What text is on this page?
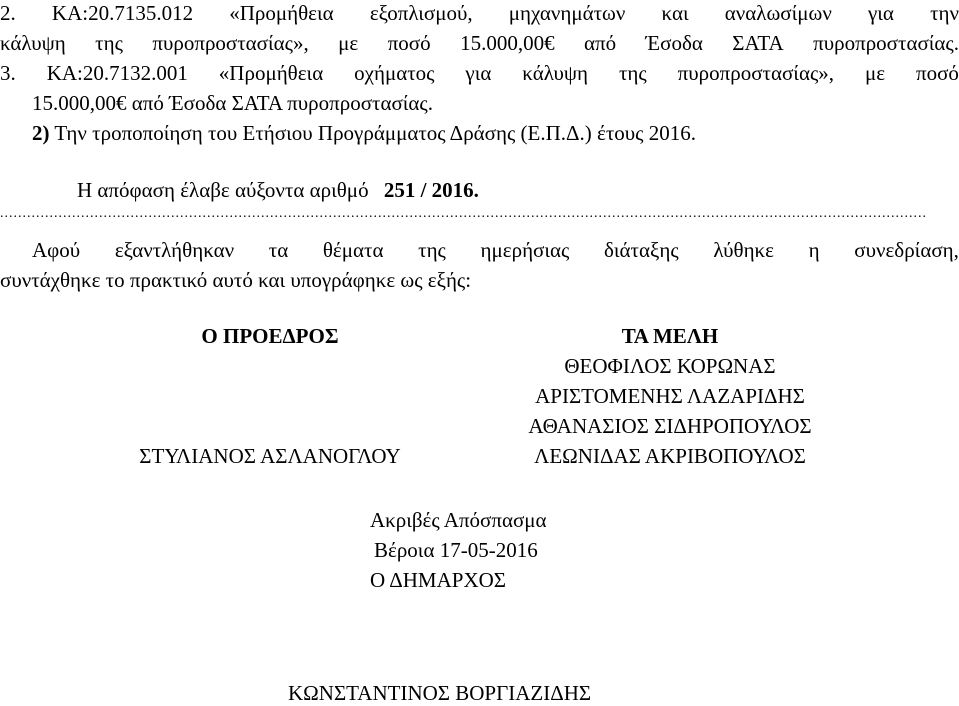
2. ΚΑ:20.7135.012 «Προμήθεια εξοπλισμού, μηχανημάτων και αναλωσίμων για την
κάλυψη της πυροπροστασίας», με ποσό 15.000,00€ από Έσοδα ΣΑΤΑ πυροπροστασίας.
3. ΚΑ:20.7132.001 «Προμήθεια οχήματος για κάλυψη της πυροπροστασίας», με ποσό
15.000,00€ από Έσοδα ΣΑΤΑ πυροπροστασίας.
2) Την τροποποίηση του Ετήσιου Προγράμματος Δράσης (Ε.Π.Δ.) έτους 2016.
Η απόφαση έλαβε αύξοντα αριθμό 251 / 2016.
..............................................................................................................................................................................................................
Αφού εξαντλήθηκαν τα θέματα της ημερήσιας διάταξης λύθηκε η συνεδρίαση,
συντάχθηκε το πρακτικό αυτό και υπογράφηκε ως εξής:
Ο ΠΡΟΕΔΡΟΣ
ΣΤΥΛΙΑΝΟΣ ΑΣΛΑΝΟΓΛΟΥ
ΤΑ ΜΕΛΗ
ΘΕΟΦΙΛΟΣ ΚΟΡΩΝΑΣ
ΑΡΙΣΤΟΜΕΝΗΣ ΛΑΖΑΡΙΔΗΣ
ΑΘΑΝΑΣΙΟΣ ΣΙΔΗΡΟΠΟΥΛΟΣ
ΛΕΩΝΙΔΑΣ ΑΚΡΙΒΟΠΟΥΛΟΣ
Ακριβές Απόσπασμα
Βέροια 17-05-2016
Ο ΔΗΜΑΡΧΟΣ
ΚΩΝΣΤΑΝΤΙΝΟΣ ΒΟΡΓΙΑΖΙΔΗΣ
